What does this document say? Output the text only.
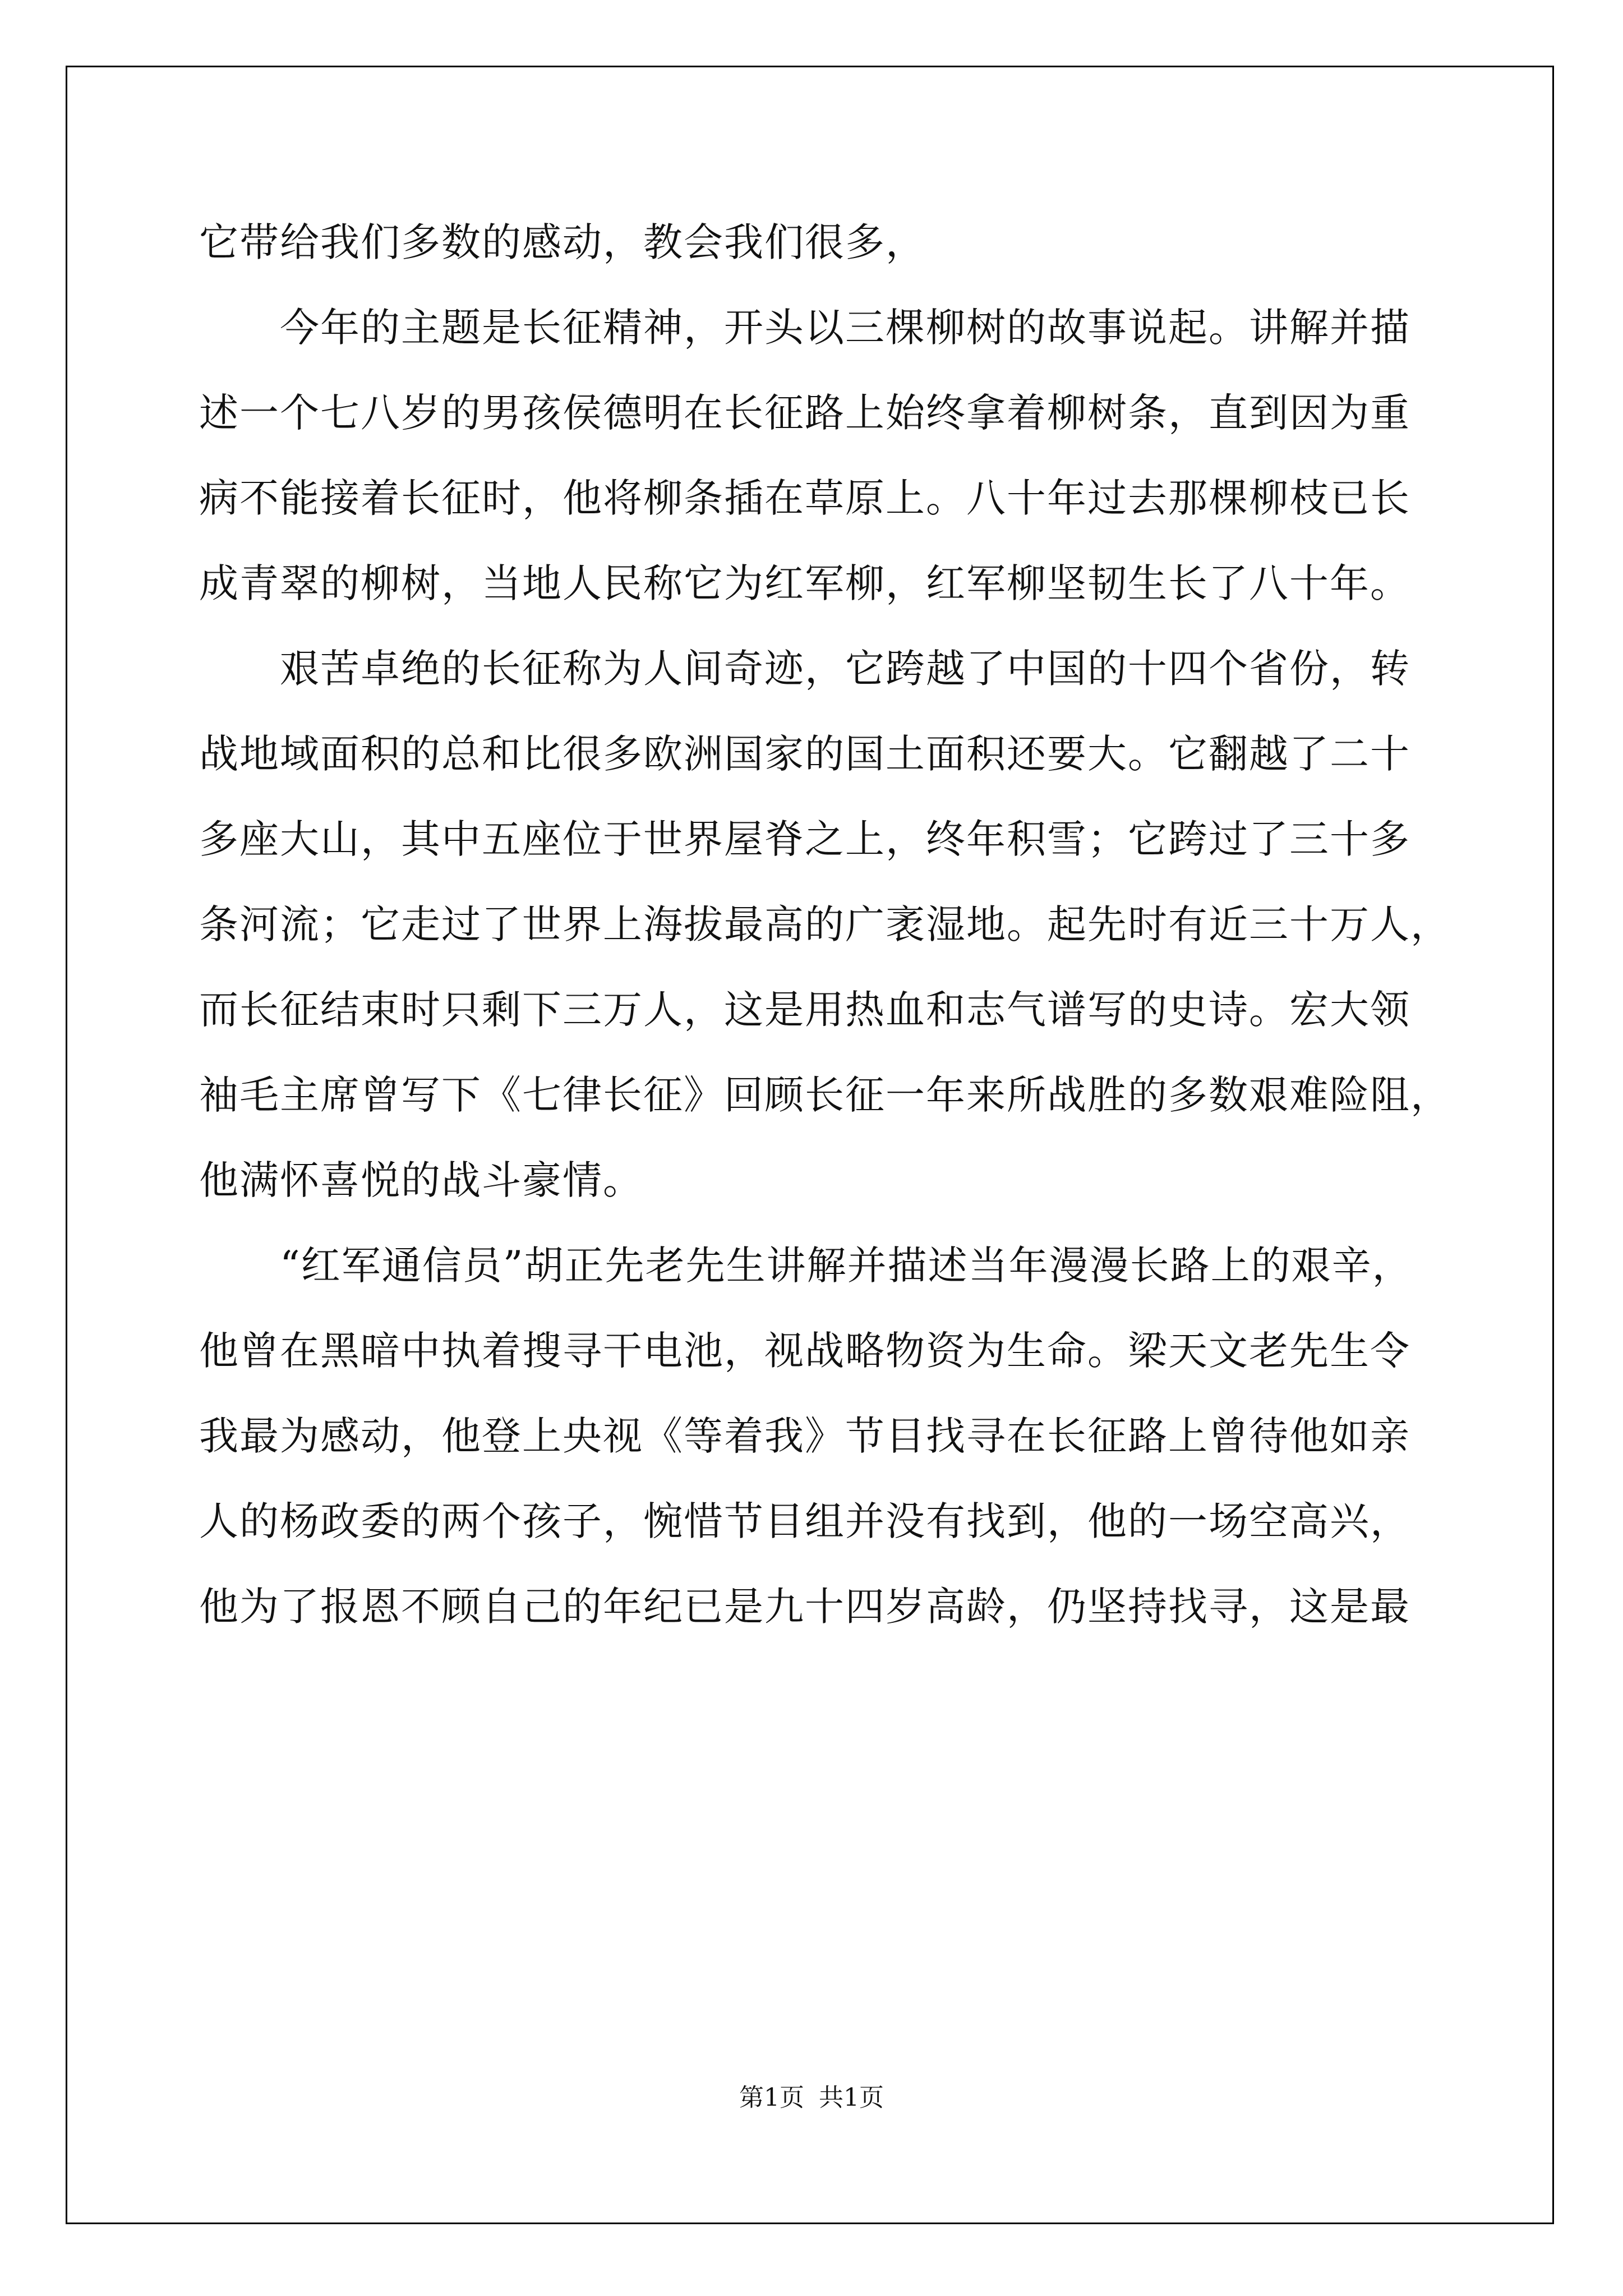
它带给我们多数的感动，教会我们很多，
　　今年的主题是长征精神，开头以三棵柳树的故事说起。讲解并描
述一个七八岁的男孩侯德明在长征路上始终拿着柳树条，直到因为重
病不能接着长征时，他将柳条插在草原上。八十年过去那棵柳枝已长
成青翠的柳树，当地人民称它为红军柳，红军柳坚韧生长了八十年。
　　艰苦卓绝的长征称为人间奇迹，它跨越了中国的十四个省份，转
战地域面积的总和比很多欧洲国家的国土面积还要大。它翻越了二十
多座大山，其中五座位于世界屋脊之上，终年积雪；它跨过了三十多
条河流；它走过了世界上海拔最高的广袤湿地。起先时有近三十万人，
而长征结束时只剩下三万人，这是用热血和志气谱写的史诗。宏大领
袖毛主席曾写下《七律长征》回顾长征一年来所战胜的多数艰难险阻，
他满怀喜悦的战斗豪情。
　　“红军通信员”胡正先老先生讲解并描述当年漫漫长路上的艰辛，
他曾在黑暗中执着搜寻干电池，视战略物资为生命。梁天文老先生令
我最为感动，他登上央视《等着我》节目找寻在长征路上曾待他如亲
人的杨政委的两个孩子，惋惜节目组并没有找到，他的一场空高兴，
他为了报恩不顾自己的年纪已是九十四岁高龄，仍坚持找寻，这是最
第1页 共1页
